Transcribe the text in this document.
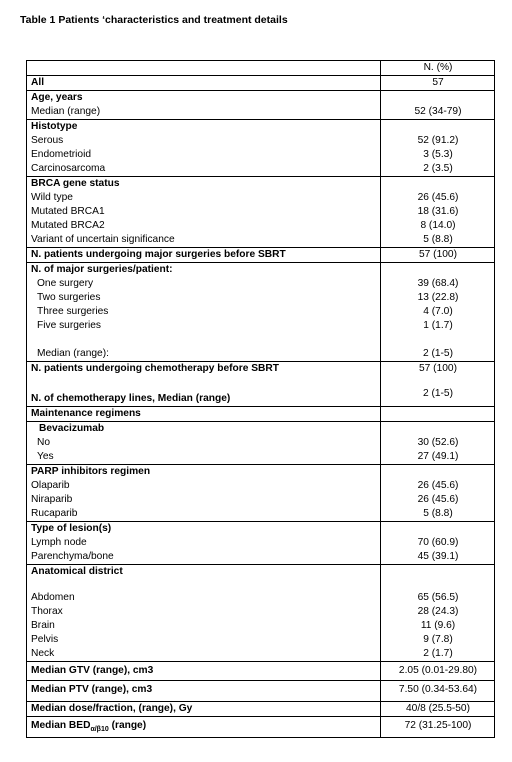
Table 1 Patients ‘characteristics and treatment details
	N. (%)
All	57
Age, years	
Median (range)	52 (34-79)
Histotype	
Serous	52 (91.2)
Endometrioid	3 (5.3)
Carcinosarcoma	2 (3.5)
BRCA gene status	
Wild type	26 (45.6)
Mutated BRCA1	18 (31.6)
Mutated BRCA2	8 (14.0)
Variant of uncertain significance	5 (8.8)
N. patients undergoing major surgeries before SBRT	57 (100)
N. of major surgeries/patient:	
One surgery	39 (68.4)
Two surgeries	13 (22.8)
Three surgeries	4 (7.0)
Five surgeries	1 (1.7)

Median (range):	2 (1-5)
N. patients undergoing chemotherapy before SBRT	57 (100)

N. of chemotherapy lines, Median (range)	2 (1-5)
Maintenance regimens	
Bevacizumab	
No	30 (52.6)
Yes	27 (49.1)
PARP inhibitors regimen	
Olaparib	26 (45.6)
Niraparib	26 (45.6)
Rucaparib	5 (8.8)
Type of lesion(s)	
Lymph node	70 (60.9)
Parenchyma/bone	45 (39.1)
Anatomical district	

Abdomen	65 (56.5)
Thorax	28 (24.3)
Brain	11 (9.6)
Pelvis	9 (7.8)
Neck	2 (1.7)
Median GTV (range), cm3	2.05 (0.01-29.80)
Median PTV (range), cm3	7.50 (0.34-53.64)
Median dose/fraction, (range), Gy	40/8 (25.5-50)
Median $BED_{\alpha/\beta 10}$ (range)	72 (31.25-100)
